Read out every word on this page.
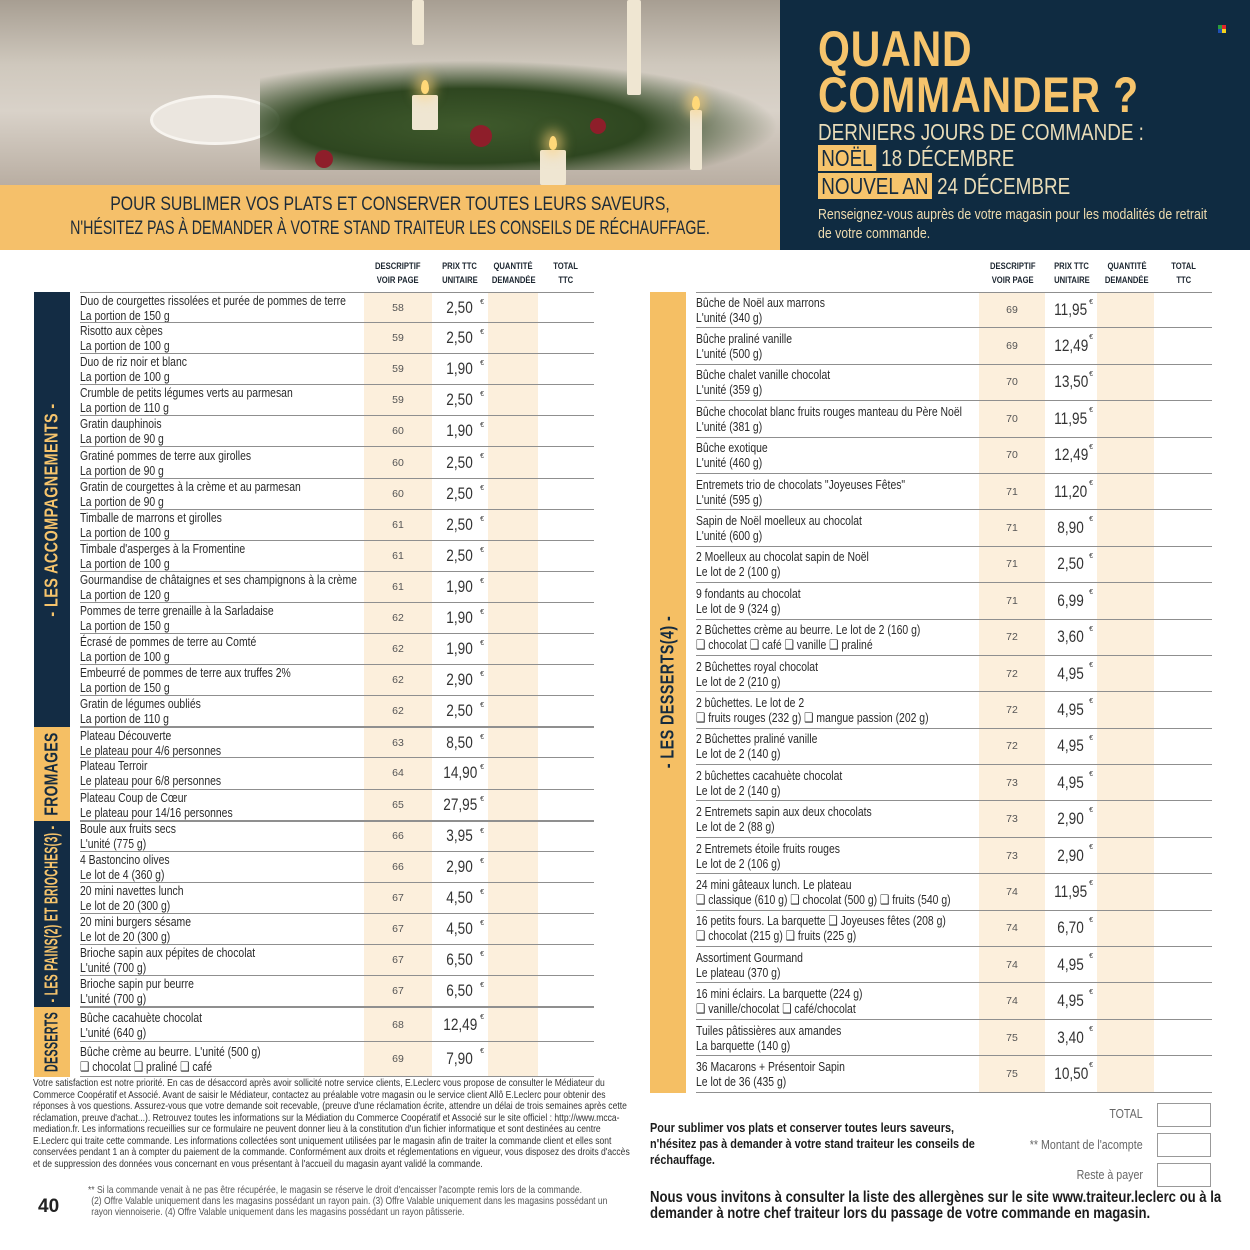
POUR SUBLIMER VOS PLATS ET CONSERVER TOUTES LEURS SAVEURS,
N'HÉSITEZ PAS À DEMANDER À VOTRE STAND TRAITEUR LES CONSEILS DE RÉCHAUFFAGE.
QUAND
COMMANDER ?
DERNIERS JOURS DE COMMANDE :
NOËL 18 DÉCEMBRE
NOUVEL AN 24 DÉCEMBRE
Renseignez-vous auprès de votre magasin pour les modalités de retrait
de votre commande.
DESCRIPTIF
VOIR PAGE
PRIX TTC
UNITAIRE
QUANTITÉ
DEMANDÉE
TOTAL
TTC
DESCRIPTIF
VOIR PAGE
PRIX TTC
UNITAIRE
QUANTITÉ
DEMANDÉE
TOTAL
TTC
- LES ACCOMPAGNEMENTS -
Duo de courgettes rissolées et purée de pommes de terre
La portion de 150 g	58	2,50 €
Risotto aux cèpes
La portion de 100 g	59	2,50 €
Duo de riz noir et blanc
La portion de 100 g	59	1,90 €
Crumble de petits légumes verts au parmesan
La portion de 110 g	59	2,50 €
Gratin dauphinois
La portion de 90 g	60	1,90 €
Gratiné pommes de terre aux girolles
La portion de 90 g	60	2,50 €
Gratin de courgettes à la crème et au parmesan
La portion de 90 g	60	2,50 €
Timballe de marrons et girolles
La portion de 100 g	61	2,50 €
Timbale d'asperges à la Fromentine
La portion de 100 g	61	2,50 €
Gourmandise de châtaignes et ses champignons à la crème
La portion de 120 g	61	1,90 €
Pommes de terre grenaille à la Sarladaise
La portion de 150 g	62	1,90 €
Écrasé de pommes de terre au Comté
La portion de 100 g	62	1,90 €
Embeurré de pommes de terre aux truffes 2%
La portion de 150 g	62	2,90 €
Gratin de légumes oubliés
La portion de 110 g	62	2,50 €
FROMAGES Plateau Découverte
Le plateau pour 4/6 personnes	63	8,50 €
Plateau Terroir
Le plateau pour 6/8 personnes	64	14,90 €
Plateau Coup de Cœur
Le plateau pour 14/16 personnes	65	27,95 €
- LES PAINS(2) ET BRIOCHES(3) - Boule aux fruits secs
L'unité (775 g)	66	3,95 €
4 Bastoncino olives
Le lot de 4 (360 g)	66	2,90 €
20 mini navettes lunch
Le lot de 20 (300 g)	67	4,50 €
20 mini burgers sésame
Le lot de 20 (300 g)	67	4,50 €
Brioche sapin aux pépites de chocolat
L'unité (700 g)	67	6,50 €
Brioche sapin pur beurre
L'unité (700 g)	67	6,50 €
DESSERTS Bûche cacahuète chocolat
L'unité (640 g)	68	12,49 €
Bûche crème au beurre. L'unité (500 g)
❑ chocolat ❑ praliné ❑ café	69	7,90 €
- LES DESSERTS(4) -
Bûche de Noël aux marrons
L'unité (340 g)	69	11,95 €
Bûche praliné vanille
L'unité (500 g)	69	12,49 €
Bûche chalet vanille chocolat
L'unité (359 g)	70	13,50 €
Bûche chocolat blanc fruits rouges manteau du Père Noël
L'unité (381 g)	70	11,95 €
Bûche exotique
L'unité (460 g)	70	12,49 €
Entremets trio de chocolats "Joyeuses Fêtes"
L'unité (595 g)	71	11,20 €
Sapin de Noël moelleux au chocolat
L'unité (600 g)	71	8,90 €
2 Moelleux au chocolat sapin de Noël
Le lot de 2 (100 g)	71	2,50 €
9 fondants au chocolat
Le lot de 9 (324 g)	71	6,99 €
2 Bûchettes crème au beurre. Le lot de 2 (160 g)
❑ chocolat ❑ café ❑ vanille ❑ praliné	72	3,60 €
2 Bûchettes royal chocolat
Le lot de 2 (210 g)	72	4,95 €
2 bûchettes. Le lot de 2
❑ fruits rouges (232 g) ❑ mangue passion (202 g)	72	4,95 €
2 Bûchettes praliné vanille
Le lot de 2 (140 g)	72	4,95 €
2 bûchettes cacahuète chocolat
Le lot de 2 (140 g)	73	4,95 €
2 Entremets sapin aux deux chocolats
Le lot de 2 (88 g)	73	2,90 €
2 Entremets étoile fruits rouges
Le lot de 2 (106 g)	73	2,90 €
24 mini gâteaux lunch. Le plateau
❑ classique (610 g) ❑ chocolat (500 g) ❑ fruits (540 g)	74	11,95 €
16 petits fours. La barquette ❑ Joyeuses fêtes (208 g)
❑ chocolat (215 g) ❑ fruits (225 g)	74	6,70 €
Assortiment Gourmand
Le plateau (370 g)	74	4,95 €
16 mini éclairs. La barquette (224 g)
❑ vanille/chocolat ❑ café/chocolat	74	4,95 €
Tuiles pâtissières aux amandes
La barquette (140 g)	75	3,40 €
36 Macarons + Présentoir Sapin
Le lot de 36 (435 g)	75	10,50 €
Votre satisfaction est notre priorité. En cas de désaccord après avoir sollicité notre service clients, E.Leclerc vous propose de consulter le Médiateur du Commerce Coopératif et Associé. Avant de saisir le Médiateur, contactez au préalable votre magasin ou le service client Allô E.Leclerc pour obtenir des réponses à vos questions. Assurez-vous que votre demande soit recevable, (preuve d'une réclamation écrite, attendre un délai de trois semaines après cette réclamation, preuve d'achat...). Retrouvez toutes les informations sur la Médiation du Commerce Coopératif et Associé sur le site officiel : http://www.mcca-mediation.fr. Les informations recueillies sur ce formulaire ne peuvent donner lieu à la constitution d'un fichier informatique et sont destinées au centre E.Leclerc qui traite cette commande. Les informations collectées sont uniquement utilisées par le magasin afin de traiter la commande client et elles sont conservées pendant 1 an à compter du paiement de la commande. Conformément aux droits et réglementations en vigueur, vous disposez des droits d'accès et de suppression des données vous concernant en vous présentant à l'accueil du magasin ayant validé la commande.
** Si la commande venait à ne pas être récupérée, le magasin se réserve le droit d'encaisser l'acompte remis lors de la commande.
(2) Offre Valable uniquement dans les magasins possédant un rayon pain. (3) Offre Valable uniquement dans les magasins possédant un rayon viennoiserie. (4) Offre Valable uniquement dans les magasins possédant un rayon pâtisserie.
40
Pour sublimer vos plats et conserver toutes leurs saveurs, n'hésitez pas à demander à votre stand traiteur les conseils de réchauffage.
TOTAL
** Montant de l'acompte
Reste à payer
Nous vous invitons à consulter la liste des allergènes sur le site www.traiteur.leclerc ou à la demander à notre chef traiteur lors du passage de votre commande en magasin.
